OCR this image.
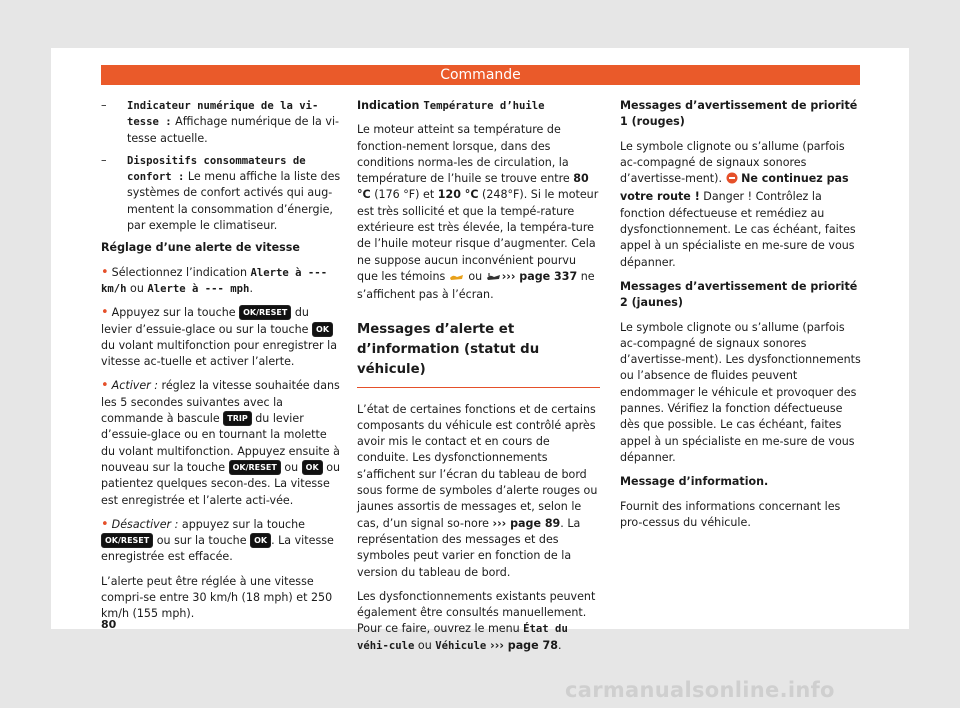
Commande
–	Indicateur numérique de la vi-tesse : Affichage numérique de la vi-tesse actuelle.
–	Dispositifs consommateurs de confort : Le menu affiche la liste des systèmes de confort activés qui aug-mentent la consommation d’énergie, par exemple le climatiseur.

Réglage d’une alerte de vitesse

• Sélectionnez l’indication Alerte à --- km/h ou Alerte à --- mph.

• Appuyez sur la touche OK/RESET du levier d’essuie-glace ou sur la touche OK du volant multifonction pour enregistrer la vitesse ac-tuelle et activer l’alerte.

• Activer : réglez la vitesse souhaitée dans les 5 secondes suivantes avec la commande à bascule TRIP du levier d’essuie-glace ou en tournant la molette du volant multifonction. Appuyez ensuite à nouveau sur la touche OK/RESET ou OK ou patientez quelques secon-des. La vitesse est enregistrée et l’alerte acti-vée.

• Désactiver : appuyez sur la touche OK/RESET ou sur la touche OK . La vitesse enregistrée est effacée.

L’alerte peut être réglée à une vitesse compri-se entre 30 km/h (18 mph) et 250 km/h (155 mph).

Indication Température d’huile

Le moteur atteint sa température de fonction-nement lorsque, dans des conditions norma-les de circulation, la température de l’huile se trouve entre 80 °C (176 °F) et 120 °C (248°F). Si le moteur est très sollicité et que la tempé-rature extérieure est très élevée, la tempéra-ture de l’huile moteur risque d’augmenter. Cela ne suppose aucun inconvénient pourvu que les témoins  ou ››› page 337 ne s’affichent pas à l’écran.

Messages d’alerte et d’information (statut du véhicule)

L’état de certaines fonctions et de certains composants du véhicule est contrôlé après avoir mis le contact et en cours de conduite. Les dysfonctionnements s’affichent sur l’écran du tableau de bord sous forme de symboles d’alerte rouges ou jaunes assortis de messages et, selon le cas, d’un signal so-nore ››› page 89. La représentation des messages et des symboles peut varier en fonction de la version du tableau de bord.

Les dysfonctionnements existants peuvent également être consultés manuellement. Pour ce faire, ouvrez le menu État du véhi-cule ou Véhicule ››› page 78.

Messages d’avertissement de priorité 1 (rouges)

Le symbole clignote ou s’allume (parfois ac-compagné de signaux sonores d’avertisse-ment).  Ne continuez pas votre route ! Danger ! Contrôlez la fonction défectueuse et remédiez au dysfonctionnement. Le cas échéant, faites appel à un spécialiste en me-sure de vous dépanner.

Messages d’avertissement de priorité 2 (jaunes)

Le symbole clignote ou s’allume (parfois ac-compagné de signaux sonores d’avertisse-ment). Les dysfonctionnements ou l’absence de fluides peuvent endommager le véhicule et provoquer des pannes. Vérifiez la fonction défectueuse dès que possible. Le cas échéant, faites appel à un spécialiste en me-sure de vous dépanner.

Message d’information.

Fournit des informations concernant les pro-cessus du véhicule.

80
carmanualsonline.info
